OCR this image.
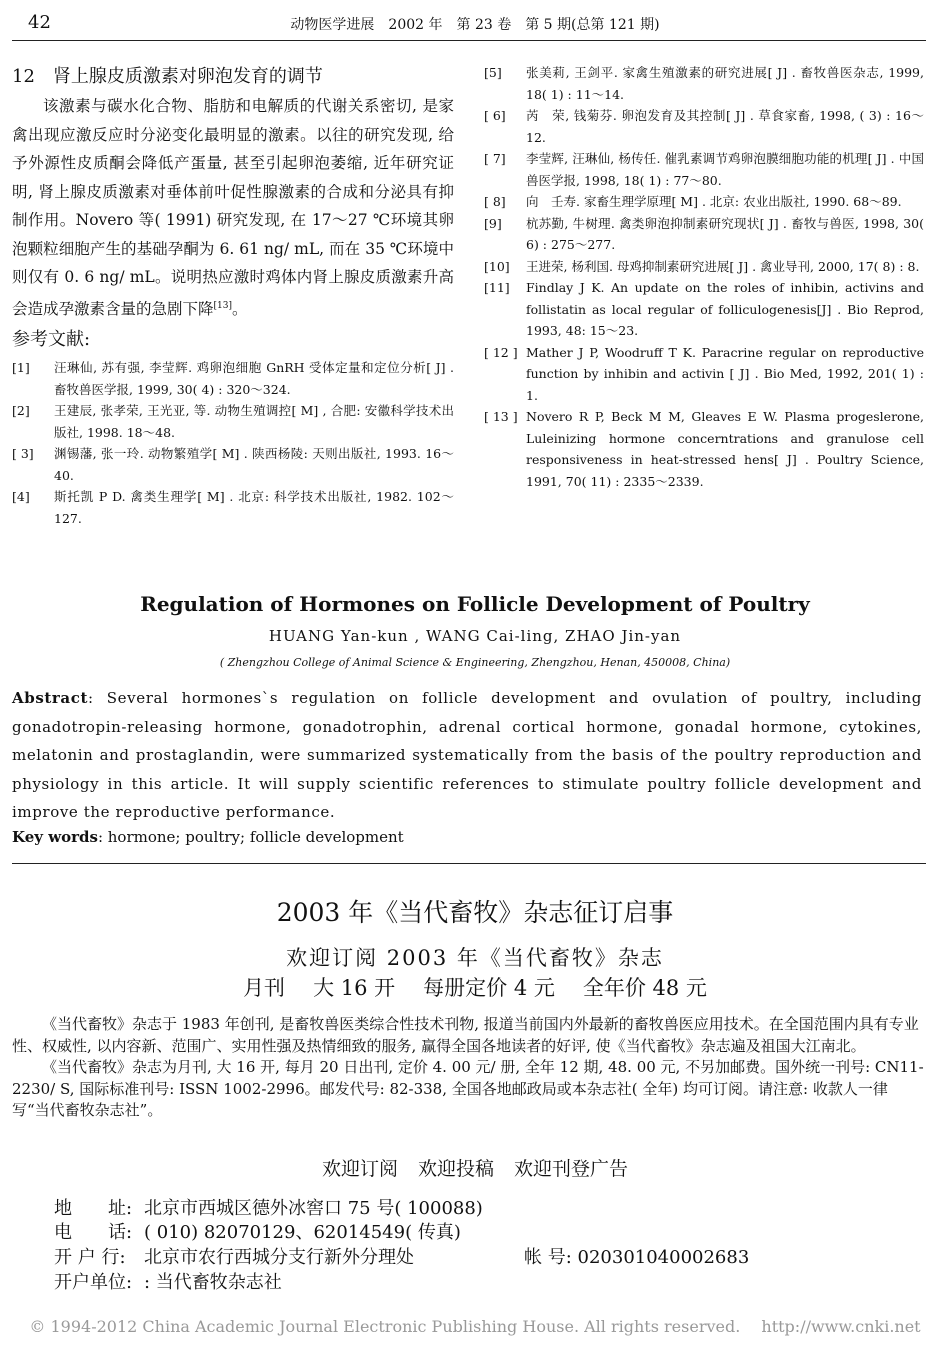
42	动物医学进展　2002 年　第 23 卷　第 5 期(总第 121 期)
12　肾上腺皮质激素对卵泡发育的调节

该激素与碳水化合物、脂肪和电解质的代谢关系密切, 是家禽出现应激反应时分泌变化最明显的激素。以往的研究发现, 给予外源性皮质酮会降低产蛋量, 甚至引起卵泡萎缩, 近年研究证明, 肾上腺皮质激素对垂体前叶促性腺激素的合成和分泌具有抑制作用。Novero 等( 1991) 研究发现, 在 17～27 ℃环境其卵泡颗粒细胞产生的基础孕酮为 6. 61 ng/ mL, 而在 35 ℃环境中则仅有 0. 6 ng/ mL。说明热应激时鸡体内肾上腺皮质激素升高会造成孕激素含量的急剧下降[13]。

参考文献:
[1]	汪琳仙, 苏有强, 李莹辉. 鸡卵泡细胞 GnRH 受体定量和定位分析[ J] . 畜牧兽医学报, 1999, 30( 4) : 320～324.
[2]	王建辰, 张孝荣, 王光亚, 等. 动物生殖调控[ M] , 合肥: 安徽科学技术出版社, 1998. 18～48.
[ 3]	渊锡藩, 张一玲. 动物繁殖学[ M] . 陕西杨陵: 天则出版社, 1993. 16～40.
[4]	斯托凯 P D. 禽类生理学[ M] . 北京: 科学技术出版社, 1982. 102～127.
[5]	张美莉, 王剑平. 家禽生殖激素的研究进展[ J] . 畜牧兽医杂志, 1999, 18( 1) : 11～14.
[ 6]	芮　荣, 钱菊芬. 卵泡发育及其控制[ J] . 草食家畜, 1998, ( 3) : 16～12.
[ 7]	李莹辉, 汪琳仙, 杨传任. 催乳素调节鸡卵泡膜细胞功能的机理[ J] . 中国兽医学报, 1998, 18( 1) : 77～80.
[ 8]	向　壬寿. 家畜生理学原理[ M] . 北京: 农业出版社, 1990. 68～89.
[9]	杭苏勤, 牛树理. 禽类卵泡抑制素研究现状[ J] . 畜牧与兽医, 1998, 30( 6) : 275～277.
[10]	王进荣, 杨利国. 母鸡抑制素研究进展[ J] . 禽业导刊, 2000, 17( 8) : 8.
[11]	Findlay J K. An update on the roles of inhibin, activins and follistatin as local regular of folliculogenesis[J] . Bio Reprod, 1993, 48: 15～23.
[ 12 ] Mather J P, Woodruff T K. Paracrine regular on reproductive function by inhibin and activin [ J] . Bio Med, 1992, 201( 1) : 1.
[ 13 ] Novero R P, Beck M M, Gleaves E W. Plasma progeslerone, Luleinizing hormone concerntrations and granulose cell responsiveness in heat-stressed hens[ J] . Poultry Science, 1991, 70( 11) : 2335～2339.
Regulation of Hormones on Follicle Development of Poultry
HUANG Yan-kun , WANG Cai-ling, ZHAO Jin-yan
( Zhengzhou College of Animal Science & Engineering, Zhengzhou, Henan, 450008, China)
Abstract: Several hormones`s regulation on follicle development and ovulation of poultry, including gonadotropin-releasing hormone, gonadotrophin, adrenal cortical hormone, gonadal hormone, cytokines, melatonin and prostaglandin, were summarized systematically from the basis of the poultry reproduction and physiology in this article. It will supply scientific references to stimulate poultry follicle development and improve the reproductive performance.
Key words: hormone; poultry; follicle development
2003 年《当代畜牧》杂志征订启事
欢迎订阅 2003 年《当代畜牧》杂志
月刊 大 16 开 每册定价 4 元 全年价 48 元

《当代畜牧》杂志于 1983 年创刊, 是畜牧兽医类综合性技术刊物, 报道当前国内外最新的畜牧兽医应用技术。在全国范围内具有专业性、权威性, 以内容新、范围广、实用性强及热情细致的服务, 赢得全国各地读者的好评, 使《当代畜牧》杂志遍及祖国大江南北。

《当代畜牧》杂志为月刊, 大 16 开, 每月 20 日出刊, 定价 4. 00 元/ 册, 全年 12 期, 48. 00 元, 不另加邮费。国外统一刊号: CN11-2230/ S, 国际标准刊号: ISSN 1002-2996。邮发代号: 82-338, 全国各地邮政局或本杂志社( 全年) 均可订阅。请注意: 收款人一律写“当代畜牧杂志社”。

欢迎订阅 欢迎投稿 欢迎刊登广告
地　　址: 北京市西城区德外冰窖口 75 号( 100088)
电　　话: ( 010) 82070129、62014549( 传真)
开 户 行: 北京市农行西城分支行新外分理处	帐 号: 020301040002683
开户单位: : 当代畜牧杂志社
© 1994-2012 China Academic Journal Electronic Publishing House. All rights reserved.　 http://www.cnki.net
